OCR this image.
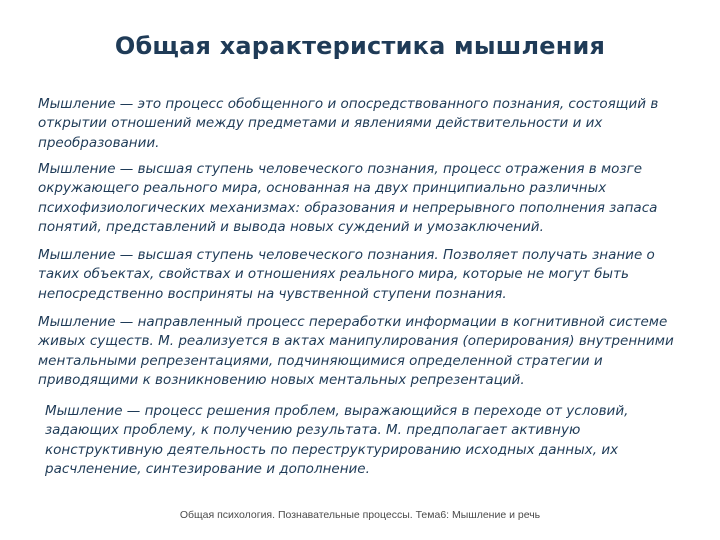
Общая характеристика мышления

Мышление — это процесс обобщенного и опосредствованного познания, состоящий в открытии отношений между предметами и явлениями действительности и их преобразовании.

Мышление — высшая ступень человеческого познания, процесс отражения в мозге окружающего реального мира, основанная на двух принципиально различных психофизиологических механизмах: образования и непрерывного пополнения запаса понятий, представлений и вывода новых суждений и умозаключений.

Мышление — высшая ступень человеческого познания. Позволяет получать знание о таких объектах, свойствах и отношениях реального мира, которые не могут быть непосредственно восприняты на чувственной ступени познания.

Мышление — направленный процесс переработки информации в когнитивной системе живых существ. М. реализуется в актах манипулирования (оперирования) внутренними ментальными репрезентациями, подчиняющимися определенной стратегии и приводящими к возникновению новых ментальных репрезентаций.

Мышление — процесс решения проблем, выражающийся в переходе от условий, задающих проблему, к получению результата. М. предполагает активную конструктивную деятельность по переструктурированию исходных данных, их расчленение, синтезирование и дополнение.

Общая психология. Познавательные процессы. Тема6: Мышление и речь
